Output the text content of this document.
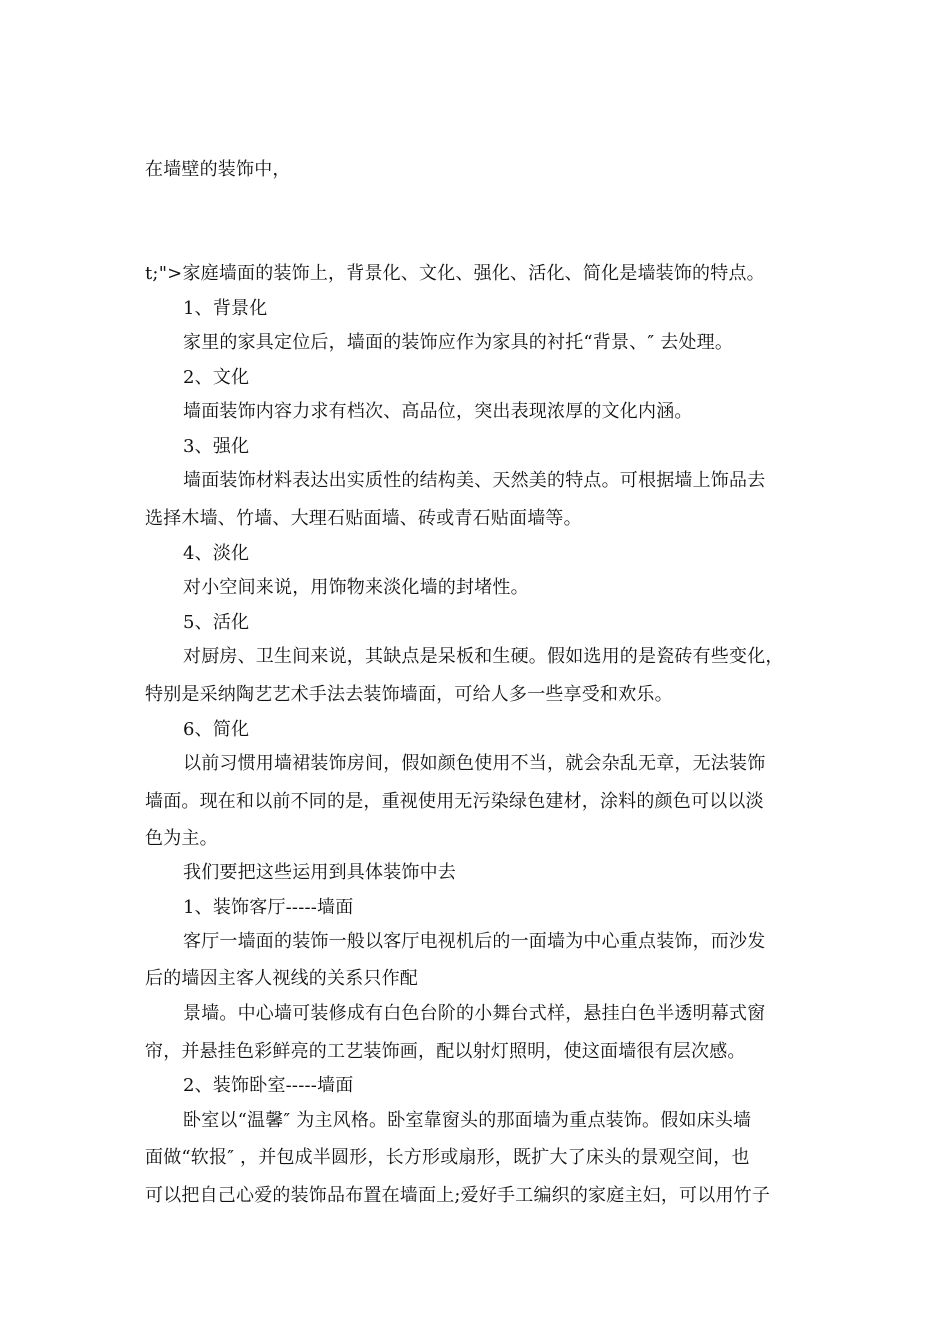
在墙壁的装饰中，
t;">家庭墙面的装饰上，背景化、文化、强化、活化、简化是墙装饰的特点。
1、背景化
家里的家具定位后，墙面的装饰应作为家具的衬托“背景、″ 去处理。
2、文化
墙面装饰内容力求有档次、高品位，突出表现浓厚的文化内涵。
3、强化
墙面装饰材料表达出实质性的结构美、天然美的特点。可根据墙上饰品去
选择木墙、竹墙、大理石贴面墙、砖或青石贴面墙等。
4、淡化
对小空间来说，用饰物来淡化墙的封堵性。
5、活化
对厨房、卫生间来说，其缺点是呆板和生硬。假如选用的是瓷砖有些变化，
特别是采纳陶艺艺术手法去装饰墙面，可给人多一些享受和欢乐。
6、简化
以前习惯用墙裙装饰房间，假如颜色使用不当，就会杂乱无章，无法装饰
墙面。现在和以前不同的是，重视使用无污染绿色建材，涂料的颜色可以以淡
色为主。
我们要把这些运用到具体装饰中去
1、装饰客厅-----墙面
客厅一墙面的装饰一般以客厅电视机后的一面墙为中心重点装饰，而沙发
后的墙因主客人视线的关系只作配
景墙。中心墙可装修成有白色台阶的小舞台式样，悬挂白色半透明幕式窗
帘，并悬挂色彩鲜亮的工艺装饰画，配以射灯照明，使这面墙很有层次感。
2、装饰卧室-----墙面
卧室以“温馨″ 为主风格。卧室靠窗头的那面墙为重点装饰。假如床头墙
面做“软报″ ，并包成半圆形，长方形或扇形，既扩大了床头的景观空间，也
可以把自己心爱的装饰品布置在墙面上;爱好手工编织的家庭主妇，可以用竹子
